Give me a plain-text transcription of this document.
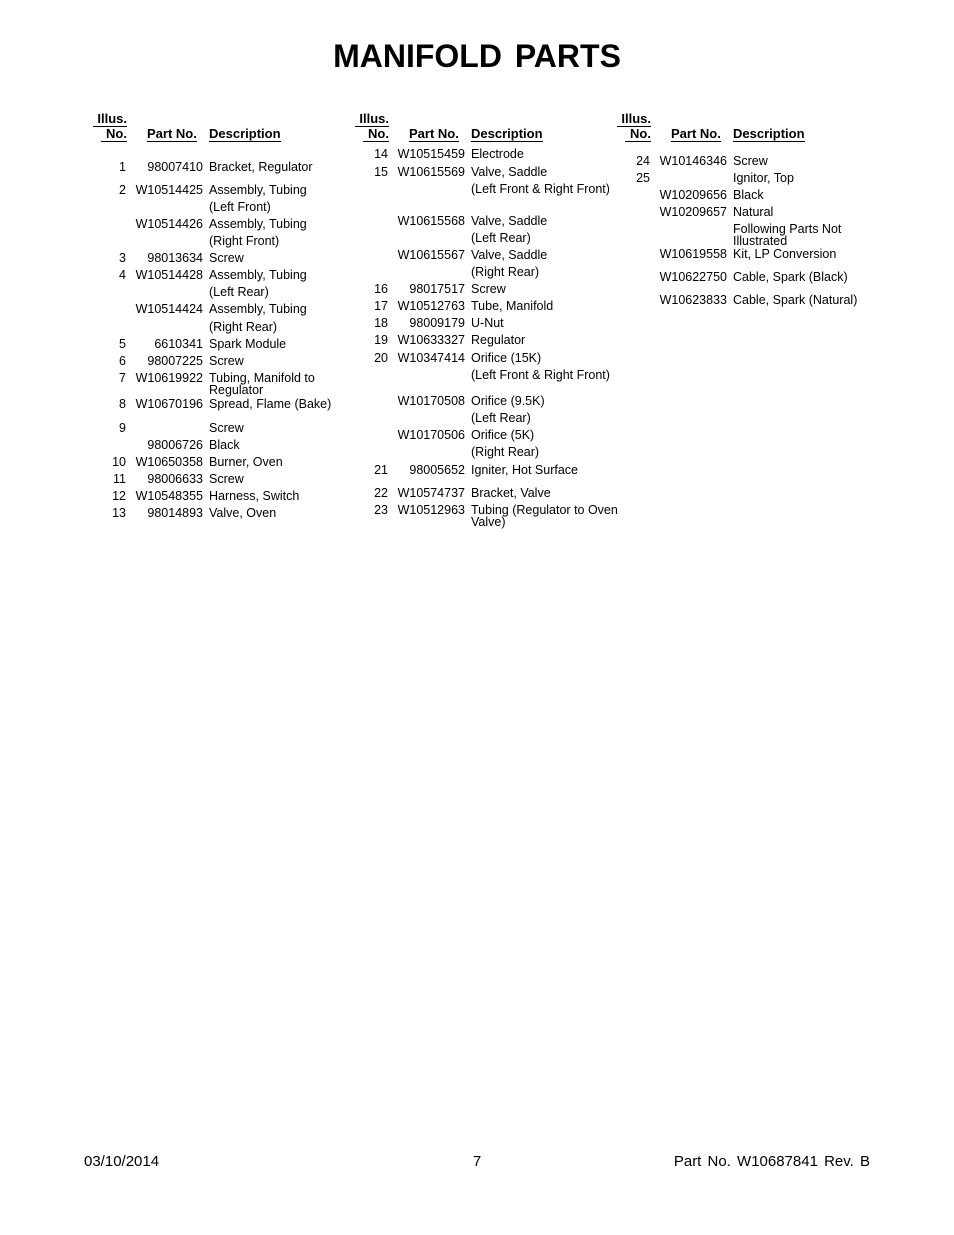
MANIFOLD PARTS
Illus.
No. Part No. Description
1	98007410 Bracket, Regulator
2 W10514425 Assembly, Tubing
(Left Front)
W10514426 Assembly, Tubing
(Right Front)
3	98013634 Screw
4 W10514428 Assembly, Tubing
(Left Rear)
W10514424 Assembly, Tubing
(Right Rear)
5	6610341 Spark Module
6	98007225 Screw
7 W10619922 Tubing, Manifold to Regulator
8 W10670196 Spread, Flame (Bake)
9	Screw
98006726 Black
10 W10650358 Burner, Oven
11	98006633 Screw
12 W10548355 Harness, Switch
13	98014893 Valve, Oven
Illus.
No. Part No. Description
14 W10515459 Electrode
15 W10615569 Valve, Saddle
(Left Front & Right Front)
W10615568 Valve, Saddle
(Left Rear)
W10615567 Valve, Saddle
(Right Rear)
16	98017517 Screw
17 W10512763 Tube, Manifold
18	98009179 U-Nut
19 W10633327 Regulator
20 W10347414 Orifice (15K)
(Left Front & Right Front)
W10170508 Orifice (9.5K)
(Left Rear)
W10170506 Orifice (5K)
(Right Rear)
21	98005652 Igniter, Hot Surface
22 W10574737 Bracket, Valve
23 W10512963 Tubing (Regulator to Oven Valve)
Illus.
No. Part No. Description
24 W10146346 Screw
25	Ignitor, Top
W10209656 Black
W10209657 Natural
Following Parts Not Illustrated
W10619558 Kit, LP Conversion
W10622750 Cable, Spark (Black)
W10623833 Cable, Spark (Natural)
03/10/2014	7	Part No. W10687841 Rev. B
